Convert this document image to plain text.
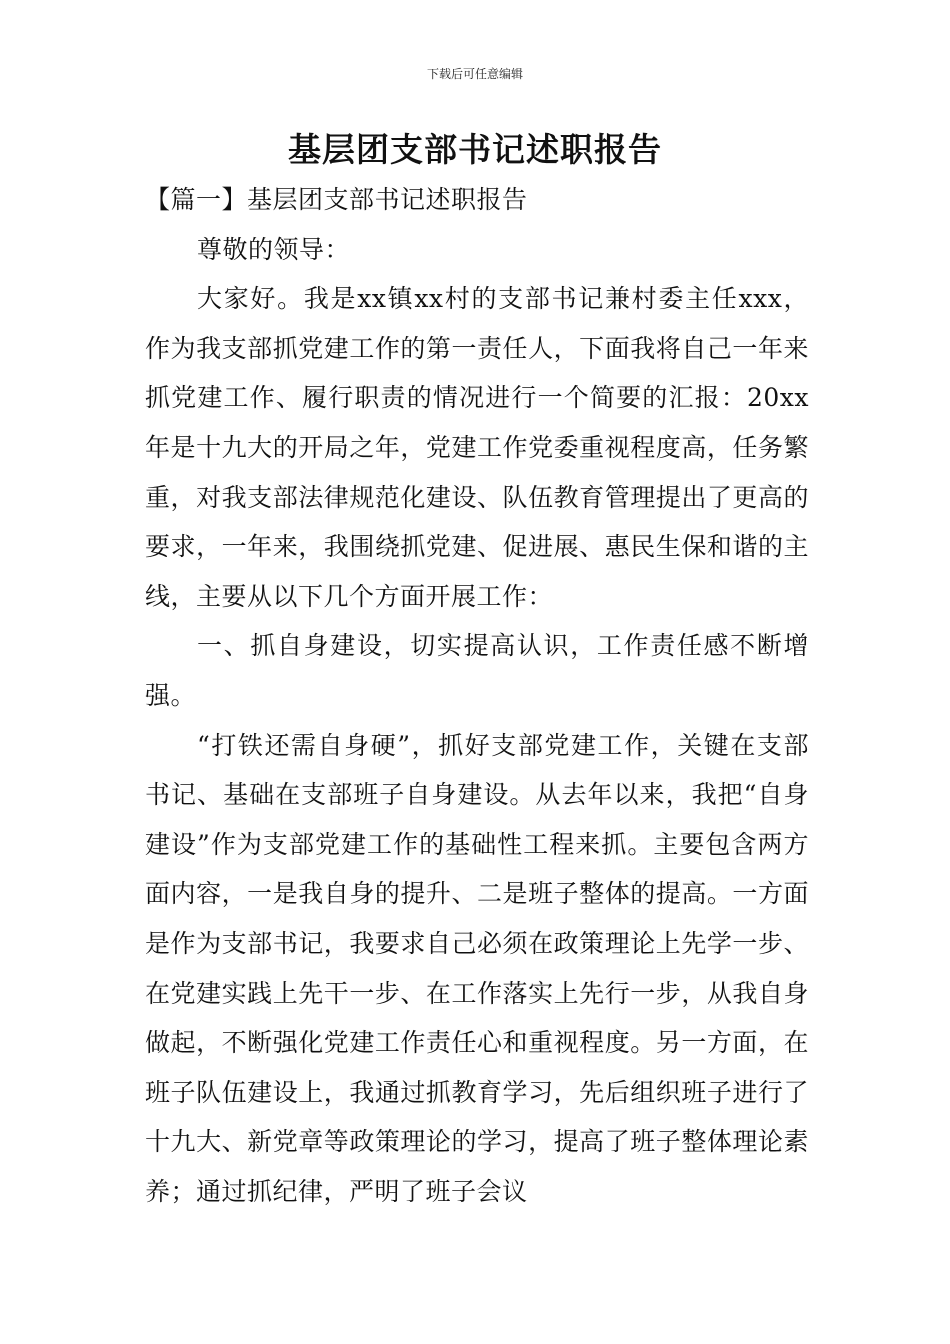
下载后可任意编辑
基层团支部书记述职报告

【篇一】基层团支部书记述职报告

尊敬的领导：

大家好。我是xx镇xx村的支部书记兼村委主任xxx，作为我支部抓党建工作的第一责任人，下面我将自己一年来抓党建工作、履行职责的情况进行一个简要的汇报：20xx年是十九大的开局之年，党建工作党委重视程度高，任务繁重，对我支部法律规范化建设、队伍教育管理提出了更高的要求，一年来，我围绕抓党建、促进展、惠民生保和谐的主线，主要从以下几个方面开展工作：

一、抓自身建设，切实提高认识，工作责任感不断增强。

“打铁还需自身硬”，抓好支部党建工作，关键在支部书记、基础在支部班子自身建设。从去年以来，我把“自身建设”作为支部党建工作的基础性工程来抓。主要包含两方面内容，一是我自身的提升、二是班子整体的提高。一方面是作为支部书记，我要求自己必须在政策理论上先学一步、在党建实践上先干一步、在工作落实上先行一步，从我自身做起，不断强化党建工作责任心和重视程度。另一方面，在班子队伍建设上，我通过抓教育学习，先后组织班子进行了十九大、新党章等政策理论的学习，提高了班子整体理论素养；通过抓纪律，严明了班子会议
